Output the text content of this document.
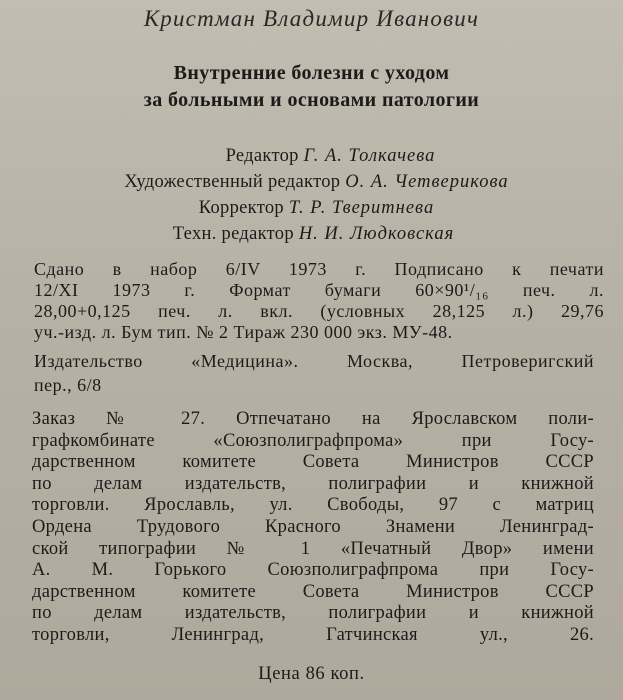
Кристман Владимир Иванович
Внутренние болезни с уходом
за больными и основами патологии
Редактор Г. А. Толкачева
Художественный редактор О. А. Четверикова
Корректор Т. Р. Тверитнева
Техн. редактор Н. И. Людковская
Сдано в набор 6/IV 1973 г. Подписано к печати
12/XI 1973 г. Формат бумаги 60×90¹/₁₆ печ. л.
28,00+0,125 печ. л. вкл. (условных 28,125 л.) 29,76
уч.-изд. л. Бум тип. № 2 Тираж 230 000 экз. МУ-48.
Издательство «Медицина». Москва, Петроверигский
пер., 6/8
Заказ № 27. Отпечатано на Ярославском поли-
графкомбинате «Союзполиграфпрома» при Госу-
дарственном комитете Совета Министров СССР
по делам издательств, полиграфии и книжной
торговли. Ярославль, ул. Свободы, 97 с матриц
Ордена Трудового Красного Знамени Ленинград-
ской типографии № 1 «Печатный Двор» имени
А. М. Горького Союзполиграфпрома при Госу-
дарственном комитете Совета Министров СССР
по делам издательств, полиграфии и книжной
торговли, Ленинград, Гатчинская ул., 26.
Цена 86 коп.
